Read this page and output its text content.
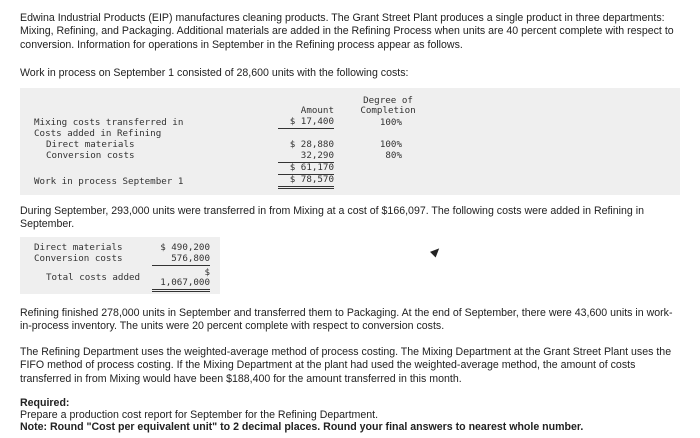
Edwina Industrial Products (EIP) manufactures cleaning products. The Grant Street Plant produces a single product in three departments: Mixing, Refining, and Packaging. Additional materials are added in the Refining Process when units are 40 percent complete with respect to conversion. Information for operations in September in the Refining process appear as follows.
Work in process on September 1 consisted of 28,600 units with the following costs:
Degree of
Completion
Amount
Mixing costs transferred in	$ 17,400	100%
Costs added in Refining
Direct materials	$ 28,880	100%
Conversion costs	32,290	80%
$ 61,170
Work in process September 1	$ 78,570
During September, 293,000 units were transferred in from Mixing at a cost of $166,097. The following costs were added in Refining in September.
Direct materials	$ 490,200
Conversion costs	576,800
Total costs added	$
1,067,000
Refining finished 278,000 units in September and transferred them to Packaging. At the end of September, there were 43,600 units in work-in-process inventory. The units were 20 percent complete with respect to conversion costs.
The Refining Department uses the weighted-average method of process costing. The Mixing Department at the Grant Street Plant uses the FIFO method of process costing. If the Mixing Department at the plant had used the weighted-average method, the amount of costs transferred in from Mixing would have been $188,400 for the amount transferred in this month.
Required:
Prepare a production cost report for September for the Refining Department.
Note: Round "Cost per equivalent unit" to 2 decimal places. Round your final answers to nearest whole number.
